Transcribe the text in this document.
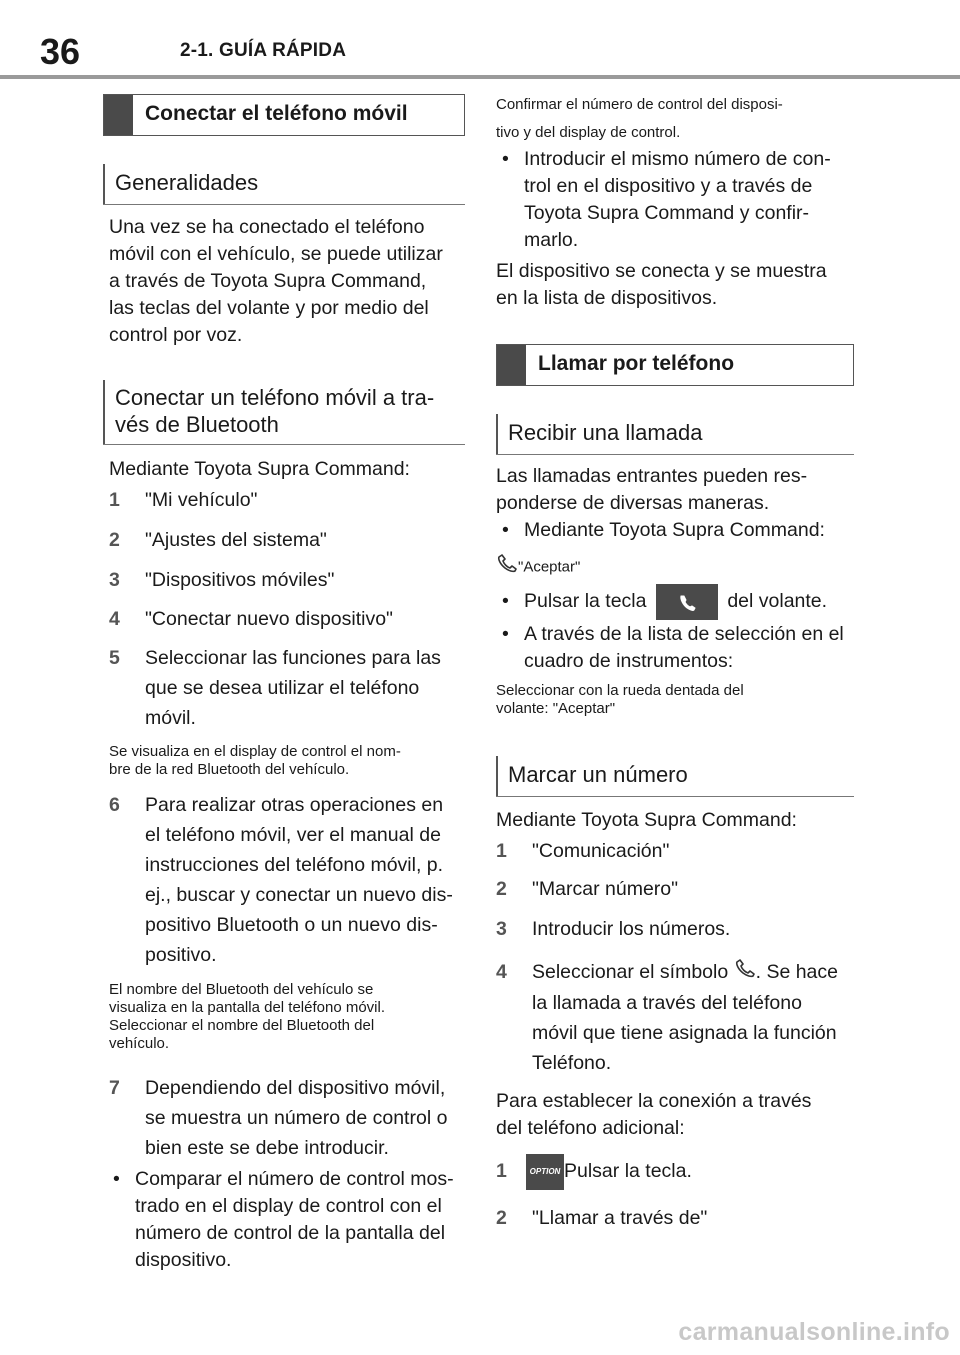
36	2-1. GUÍA RÁPIDA
Conectar el teléfono móvil
Generalidades
Una vez se ha conectado el teléfono
móvil con el vehículo, se puede utilizar
a través de Toyota Supra Command,
las teclas del volante y por medio del
control por voz.
Conectar un teléfono móvil a tra-
vés de Bluetooth
Mediante Toyota Supra Command:
1 "Mi vehículo"
2 "Ajustes del sistema"
3 "Dispositivos móviles"
4 "Conectar nuevo dispositivo"
5 Seleccionar las funciones para las
que se desea utilizar el teléfono
móvil.
Se visualiza en el display de control el nom-
bre de la red Bluetooth del vehículo.
6 Para realizar otras operaciones en
el teléfono móvil, ver el manual de
instrucciones del teléfono móvil, p.
ej., buscar y conectar un nuevo dis-
positivo Bluetooth o un nuevo dis-
positivo.
El nombre del Bluetooth del vehículo se
visualiza en la pantalla del teléfono móvil.
Seleccionar el nombre del Bluetooth del
vehículo.
7 Dependiendo del dispositivo móvil,
se muestra un número de control o
bien este se debe introducir.
• Comparar el número de control mos-
trado en el display de control con el
número de control de la pantalla del
dispositivo.
Confirmar el número de control del disposi-
tivo y del display de control.
• Introducir el mismo número de con-
trol en el dispositivo y a través de
Toyota Supra Command y confir-
marlo.
El dispositivo se conecta y se muestra
en la lista de dispositivos.
Llamar por teléfono
Recibir una llamada
Las llamadas entrantes pueden res-
ponderse de diversas maneras.
• Mediante Toyota Supra Command:
"Aceptar"
• Pulsar la tecla	del volante.
• A través de la lista de selección en el
cuadro de instrumentos:
Seleccionar con la rueda dentada del
volante: "Aceptar"
Marcar un número
Mediante Toyota Supra Command:
1 "Comunicación"
2 "Marcar número"
3 Introducir los números.
4 Seleccionar el símbolo . Se hace
la llamada a través del teléfono
móvil que tiene asignada la función
Teléfono.
Para establecer la conexión a través
del teléfono adicional:
1	OPTION Pulsar la tecla.
2 "Llamar a través de"
carmanualsonline.info
